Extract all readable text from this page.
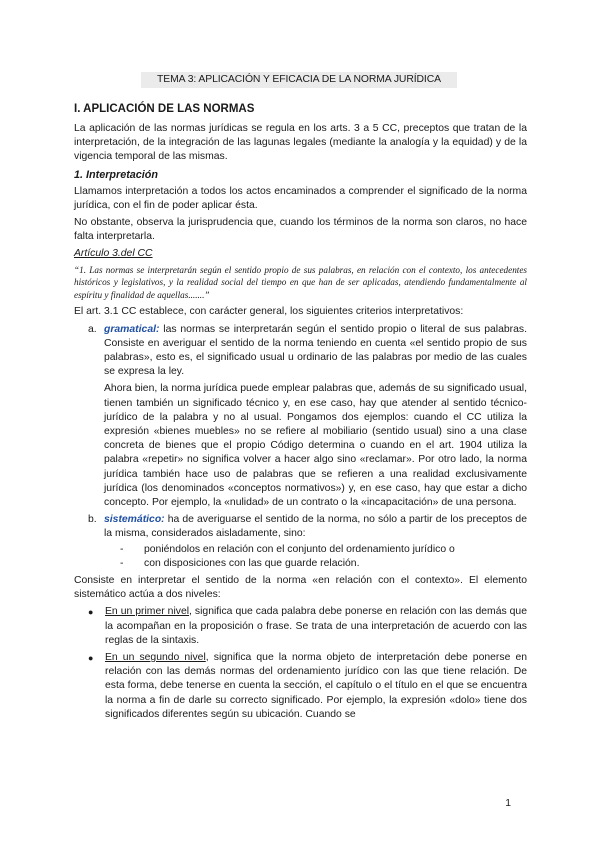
TEMA 3: APLICACIÓN Y EFICACIA DE LA NORMA JURÍDICA
I. APLICACIÓN DE LAS NORMAS

La aplicación de las normas jurídicas se regula en los arts. 3 a 5 CC, preceptos que tratan de la interpretación, de la integración de las lagunas legales (mediante la analogía y la equidad) y de la vigencia temporal de las mismas.

1. Interpretación

Llamamos interpretación a todos los actos encaminados a comprender el significado de la norma jurídica, con el fin de poder aplicar ésta.

No obstante, observa la jurisprudencia que, cuando los términos de la norma son claros, no hace falta interpretarla.

Artículo 3.del CC
“1. Las normas se interpretarán según el sentido propio de sus palabras, en relación con el contexto, los antecedentes históricos y legislativos, y la realidad social del tiempo en que han de ser aplicadas, atendiendo fundamentalmente al espíritu y finalidad de aquellas.......”

El art. 3.1 CC establece, con carácter general, los siguientes criterios interpretativos:

a. gramatical: las normas se interpretarán según el sentido propio o literal de sus palabras. Consiste en averiguar el sentido de la norma teniendo en cuenta «el sentido propio de sus palabras», esto es, el significado usual u ordinario de las palabras por medio de las cuales se expresa la ley.

Ahora bien, la norma jurídica puede emplear palabras que, además de su significado usual, tienen también un significado técnico y, en ese caso, hay que atender al sentido técnico-jurídico de la palabra y no al usual. Pongamos dos ejemplos: cuando el CC utiliza la expresión «bienes muebles» no se refiere al mobiliario (sentido usual) sino a una clase concreta de bienes que el propio Código determina o cuando en el art. 1904 utiliza la palabra «repetir» no significa volver a hacer algo sino «reclamar». Por otro lado, la norma jurídica también hace uso de palabras que se refieren a una realidad exclusivamente jurídica (los denominados «conceptos normativos») y, en ese caso, hay que estar a dicho concepto. Por ejemplo, la «nulidad» de un contrato o la «incapacitación» de una persona.

b. sistemático: ha de averiguarse el sentido de la norma, no sólo a partir de los preceptos de la misma, considerados aisladamente, sino:

- poniéndolos en relación con el conjunto del ordenamiento jurídico o
- con disposiciones con las que guarde relación.

Consiste en interpretar el sentido de la norma «en relación con el contexto». El elemento sistemático actúa a dos niveles:

● En un primer nivel, significa que cada palabra debe ponerse en relación con las demás que la acompañan en la proposición o frase. Se trata de una interpretación de acuerdo con las reglas de la sintaxis.

● En un segundo nivel, significa que la norma objeto de interpretación debe ponerse en relación con las demás normas del ordenamiento jurídico con las que tiene relación. De esta forma, debe tenerse en cuenta la sección, el capítulo o el título en el que se encuentra la norma a fin de darle su correcto significado. Por ejemplo, la expresión «dolo» tiene dos significados diferentes según su ubicación. Cuando se

1
